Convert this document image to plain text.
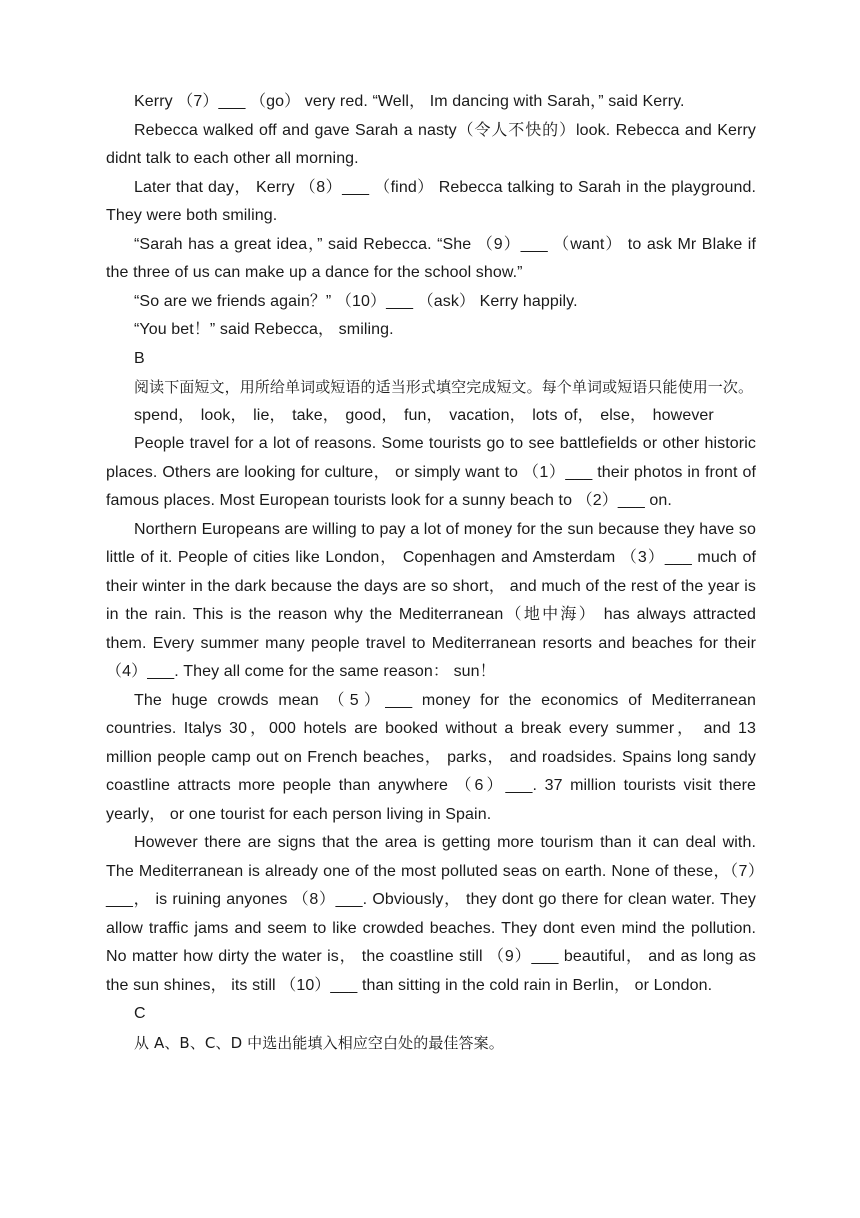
Kerry （7）___ （go） very red. “Well， Im dancing with Sarah，” said Kerry.

Rebecca walked off and gave Sarah a nasty（令人不快的）look. Rebecca and Kerry didnt talk to each other all morning.

Later that day， Kerry （8）___ （find） Rebecca talking to Sarah in the playground. They were both smiling.

“Sarah has a great idea，” said Rebecca. “She （9）___ （want） to ask Mr Blake if the three of us can make up a dance for the school show.”

“So are we friends again？” （10）___ （ask） Kerry happily.

“You bet！” said Rebecca， smiling.

B

阅读下面短文，用所给单词或短语的适当形式填空完成短文。每个单词或短语只能使用一次。

spend， look， lie， take， good， fun， vacation， lots of， else， however

People travel for a lot of reasons. Some tourists go to see battlefields or other historic places. Others are looking for culture， or simply want to （1）___ their photos in front of famous places. Most European tourists look for a sunny beach to （2）___ on.

Northern Europeans are willing to pay a lot of money for the sun because they have so little of it. People of cities like London， Copenhagen and Amsterdam （3）___ much of their winter in the dark because the days are so short， and much of the rest of the year is in the rain. This is the reason why the Mediterranean（地中海） has always attracted them. Every summer many people travel to Mediterranean resorts and beaches for their （4）___. They all come for the same reason： sun！

The huge crowds mean （5）___ money for the economics of Mediterranean countries. Italys 30，000 hotels are booked without a break every summer， and 13 million people camp out on French beaches， parks， and roadsides. Spains long sandy coastline attracts more people than anywhere （6）___. 37 million tourists visit there yearly， or one tourist for each person living in Spain.

However there are signs that the area is getting more tourism than it can deal with. The Mediterranean is already one of the most polluted seas on earth. None of these，（7）___， is ruining anyones （8）___. Obviously， they dont go there for clean water. They allow traffic jams and seem to like crowded beaches. They dont even mind the pollution. No matter how dirty the water is， the coastline still （9）___ beautiful， and as long as the sun shines， its still （10）___ than sitting in the cold rain in Berlin， or London.

C

从 A、B、C、D 中选出能填入相应空白处的最佳答案。
